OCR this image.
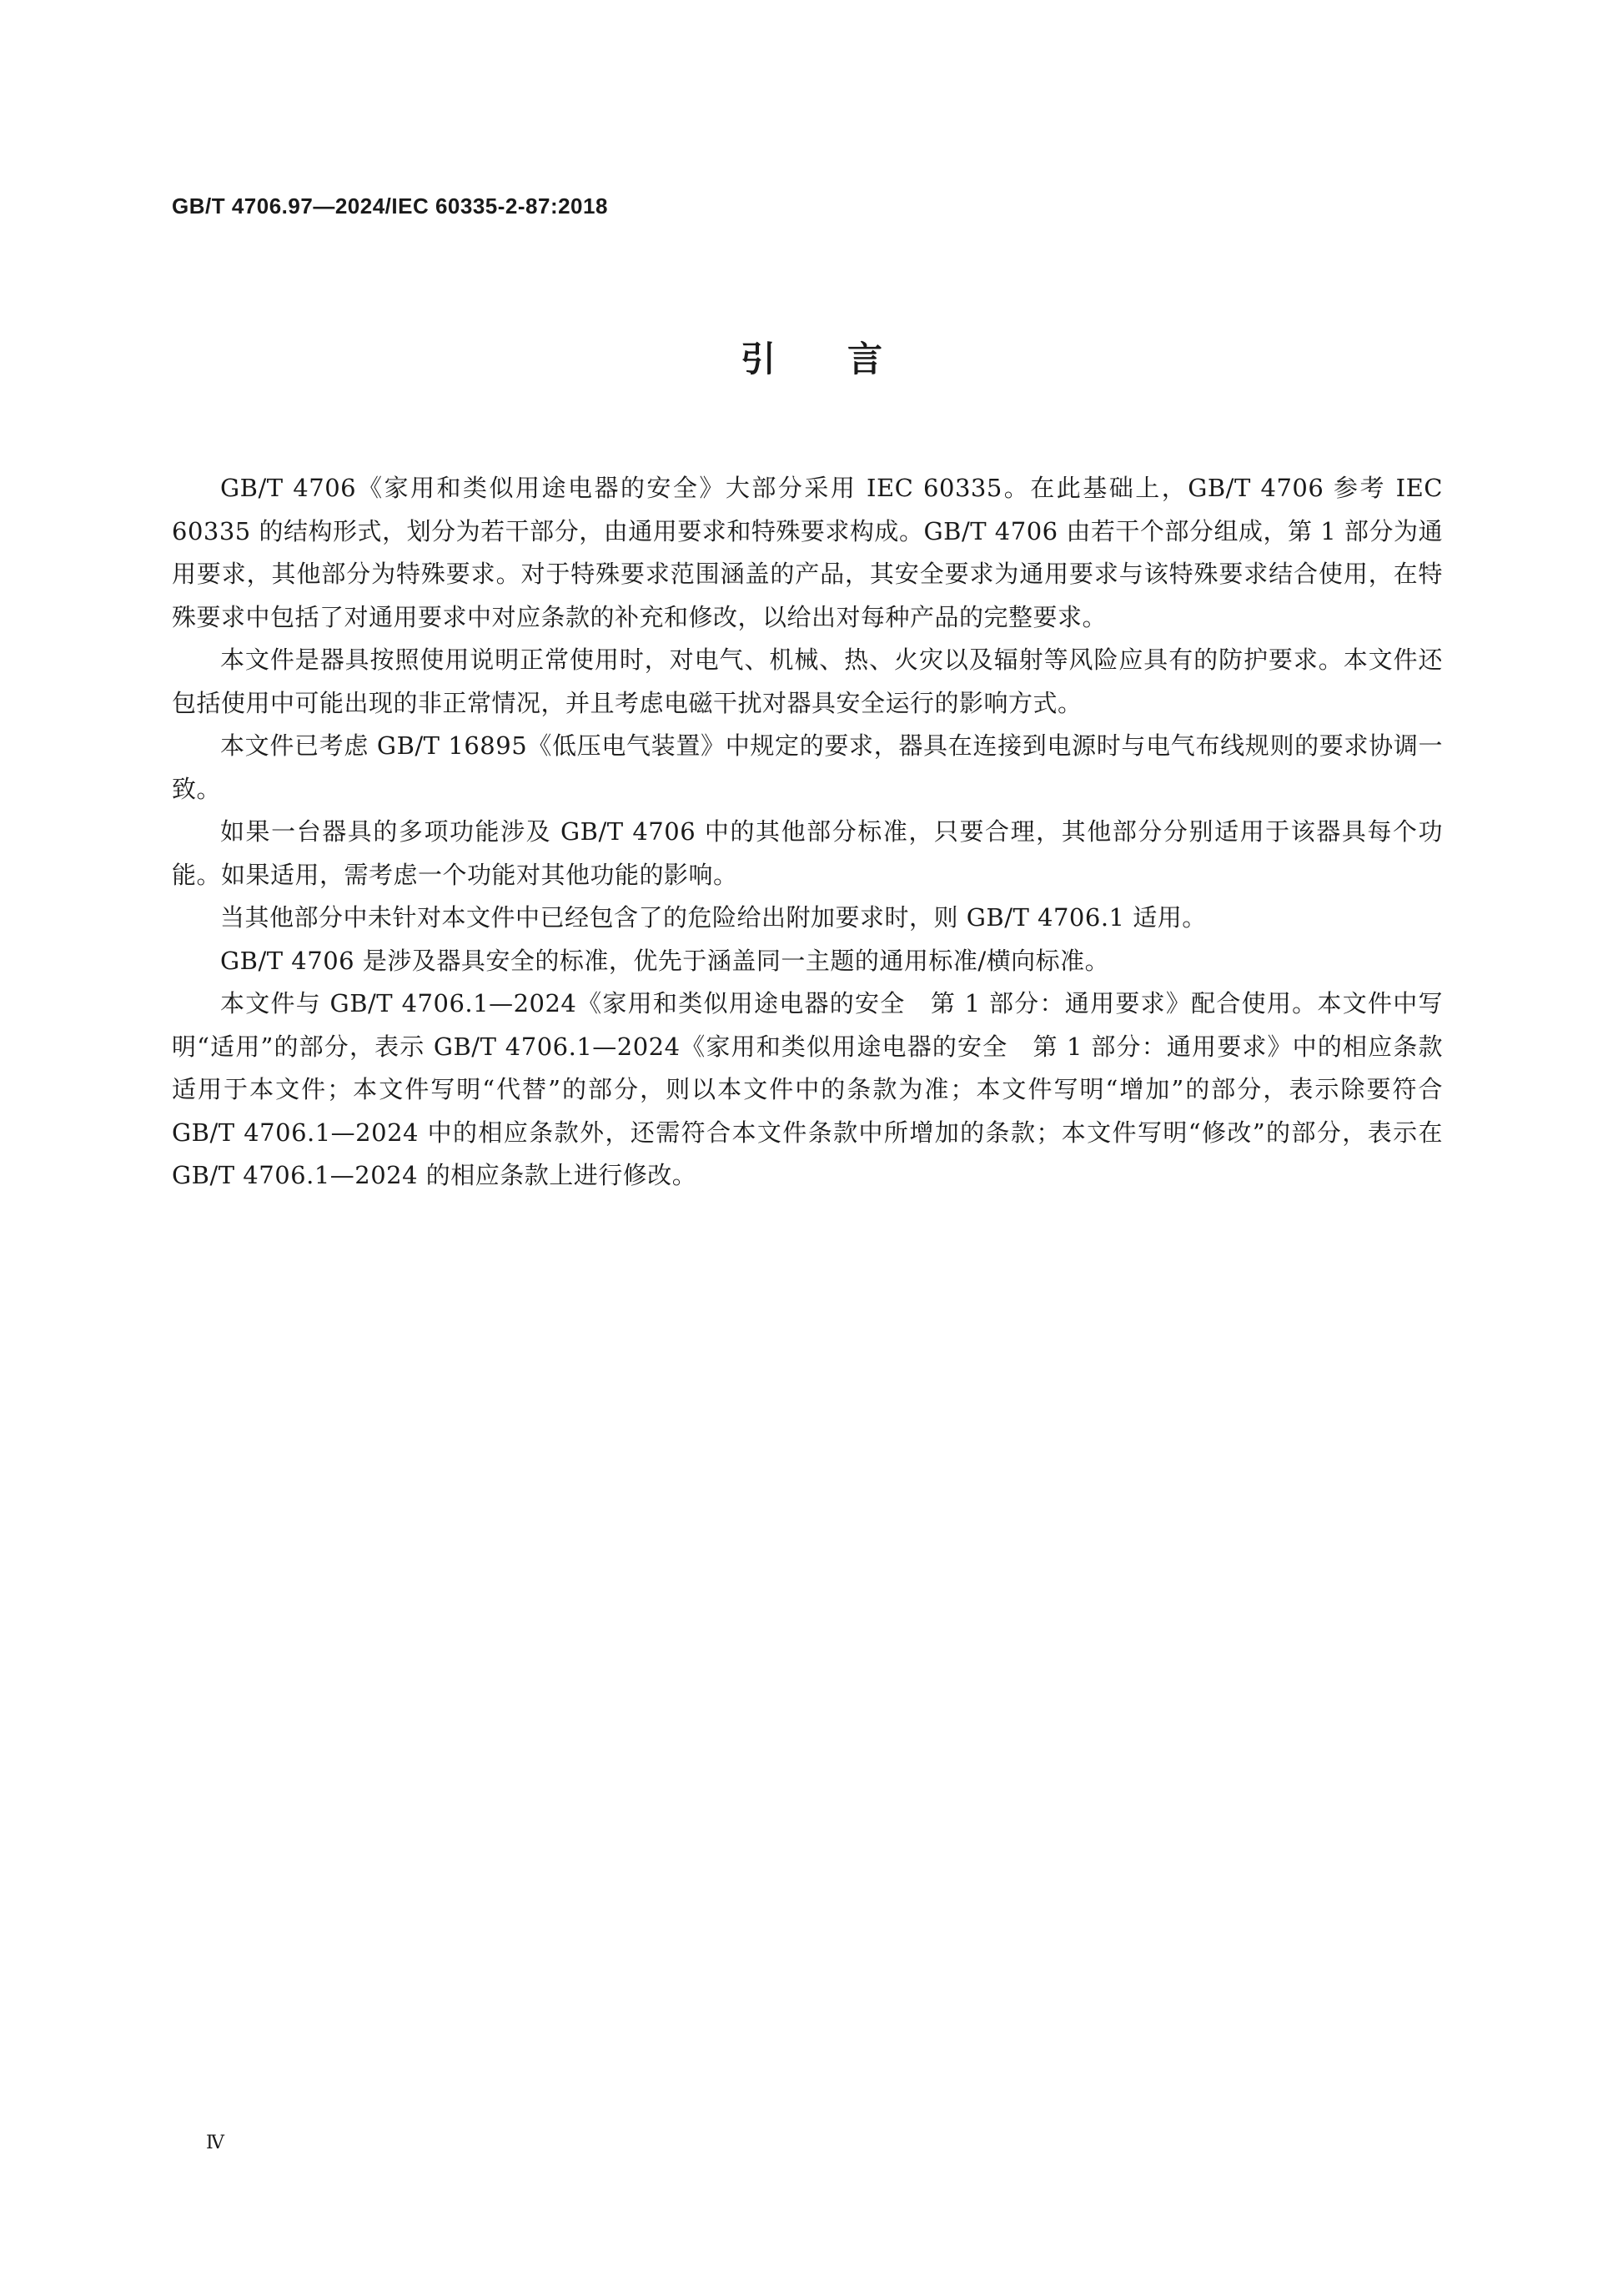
GB/T 4706.97—2024/IEC 60335-2-87:2018
引言

GB/T 4706《家用和类似用途电器的安全》大部分采用 IEC 60335。在此基础上，GB/T 4706 参考 IEC 60335 的结构形式，划分为若干部分，由通用要求和特殊要求构成。GB/T 4706 由若干个部分组成，第 1 部分为通用要求，其他部分为特殊要求。对于特殊要求范围涵盖的产品，其安全要求为通用要求与该特殊要求结合使用，在特殊要求中包括了对通用要求中对应条款的补充和修改，以给出对每种产品的完整要求。

本文件是器具按照使用说明正常使用时，对电气、机械、热、火灾以及辐射等风险应具有的防护要求。本文件还包括使用中可能出现的非正常情况，并且考虑电磁干扰对器具安全运行的影响方式。

本文件已考虑 GB/T 16895《低压电气装置》中规定的要求，器具在连接到电源时与电气布线规则的要求协调一致。

如果一台器具的多项功能涉及 GB/T 4706 中的其他部分标准，只要合理，其他部分分别适用于该器具每个功能。如果适用，需考虑一个功能对其他功能的影响。

当其他部分中未针对本文件中已经包含了的危险给出附加要求时，则 GB/T 4706.1 适用。

GB/T 4706 是涉及器具安全的标准，优先于涵盖同一主题的通用标准/横向标准。

本文件与 GB/T 4706.1—2024《家用和类似用途电器的安全　第 1 部分：通用要求》配合使用。本文件中写明“适用”的部分，表示 GB/T 4706.1—2024《家用和类似用途电器的安全　第 1 部分：通用要求》中的相应条款适用于本文件；本文件写明“代替”的部分，则以本文件中的条款为准；本文件写明“增加”的部分，表示除要符合 GB/T 4706.1—2024 中的相应条款外，还需符合本文件条款中所增加的条款；本文件写明“修改”的部分，表示在 GB/T 4706.1—2024 的相应条款上进行修改。

Ⅳ
